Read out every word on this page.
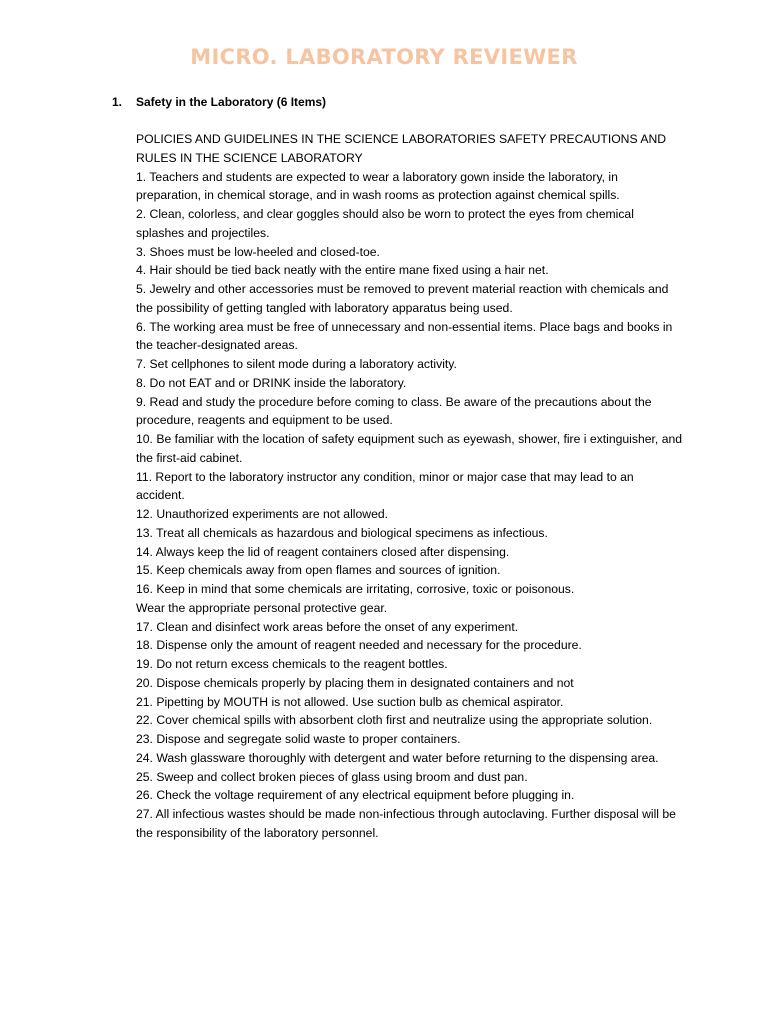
MICRO. LABORATORY REVIEWER
1. Safety in the Laboratory (6 Items)

POLICIES AND GUIDELINES IN THE SCIENCE LABORATORIES SAFETY PRECAUTIONS AND RULES IN THE SCIENCE LABORATORY

1. Teachers and students are expected to wear a laboratory gown inside the laboratory, in preparation, in chemical storage, and in wash rooms as protection against chemical spills.

2. Clean, colorless, and clear goggles should also be worn to protect the eyes from chemical splashes and projectiles.

3. Shoes must be low-heeled and closed-toe.

4. Hair should be tied back neatly with the entire mane fixed using a hair net.

5. Jewelry and other accessories must be removed to prevent material reaction with chemicals and the possibility of getting tangled with laboratory apparatus being used.

6. The working area must be free of unnecessary and non-essential items. Place bags and books in the teacher-designated areas.

7. Set cellphones to silent mode during a laboratory activity.

8. Do not EAT and or DRINK inside the laboratory.

9. Read and study the procedure before coming to class. Be aware of the precautions about the procedure, reagents and equipment to be used.

10. Be familiar with the location of safety equipment such as eyewash, shower, fire i extinguisher, and the first-aid cabinet.

11. Report to the laboratory instructor any condition, minor or major case that may lead to an accident.

12. Unauthorized experiments are not allowed.

13. Treat all chemicals as hazardous and biological specimens as infectious.

14. Always keep the lid of reagent containers closed after dispensing.

15. Keep chemicals away from open flames and sources of ignition.

16. Keep in mind that some chemicals are irritating, corrosive, toxic or poisonous.

Wear the appropriate personal protective gear.

17. Clean and disinfect work areas before the onset of any experiment.

18. Dispense only the amount of reagent needed and necessary for the procedure.

19. Do not return excess chemicals to the reagent bottles.

20. Dispose chemicals properly by placing them in designated containers and not

21. Pipetting by MOUTH is not allowed. Use suction bulb as chemical aspirator.

22. Cover chemical spills with absorbent cloth first and neutralize using the appropriate solution.

23. Dispose and segregate solid waste to proper containers.

24. Wash glassware thoroughly with detergent and water before returning to the dispensing area.

25. Sweep and collect broken pieces of glass using broom and dust pan.

26. Check the voltage requirement of any electrical equipment before plugging in.

27. All infectious wastes should be made non-infectious through autoclaving. Further disposal will be the responsibility of the laboratory personnel.
